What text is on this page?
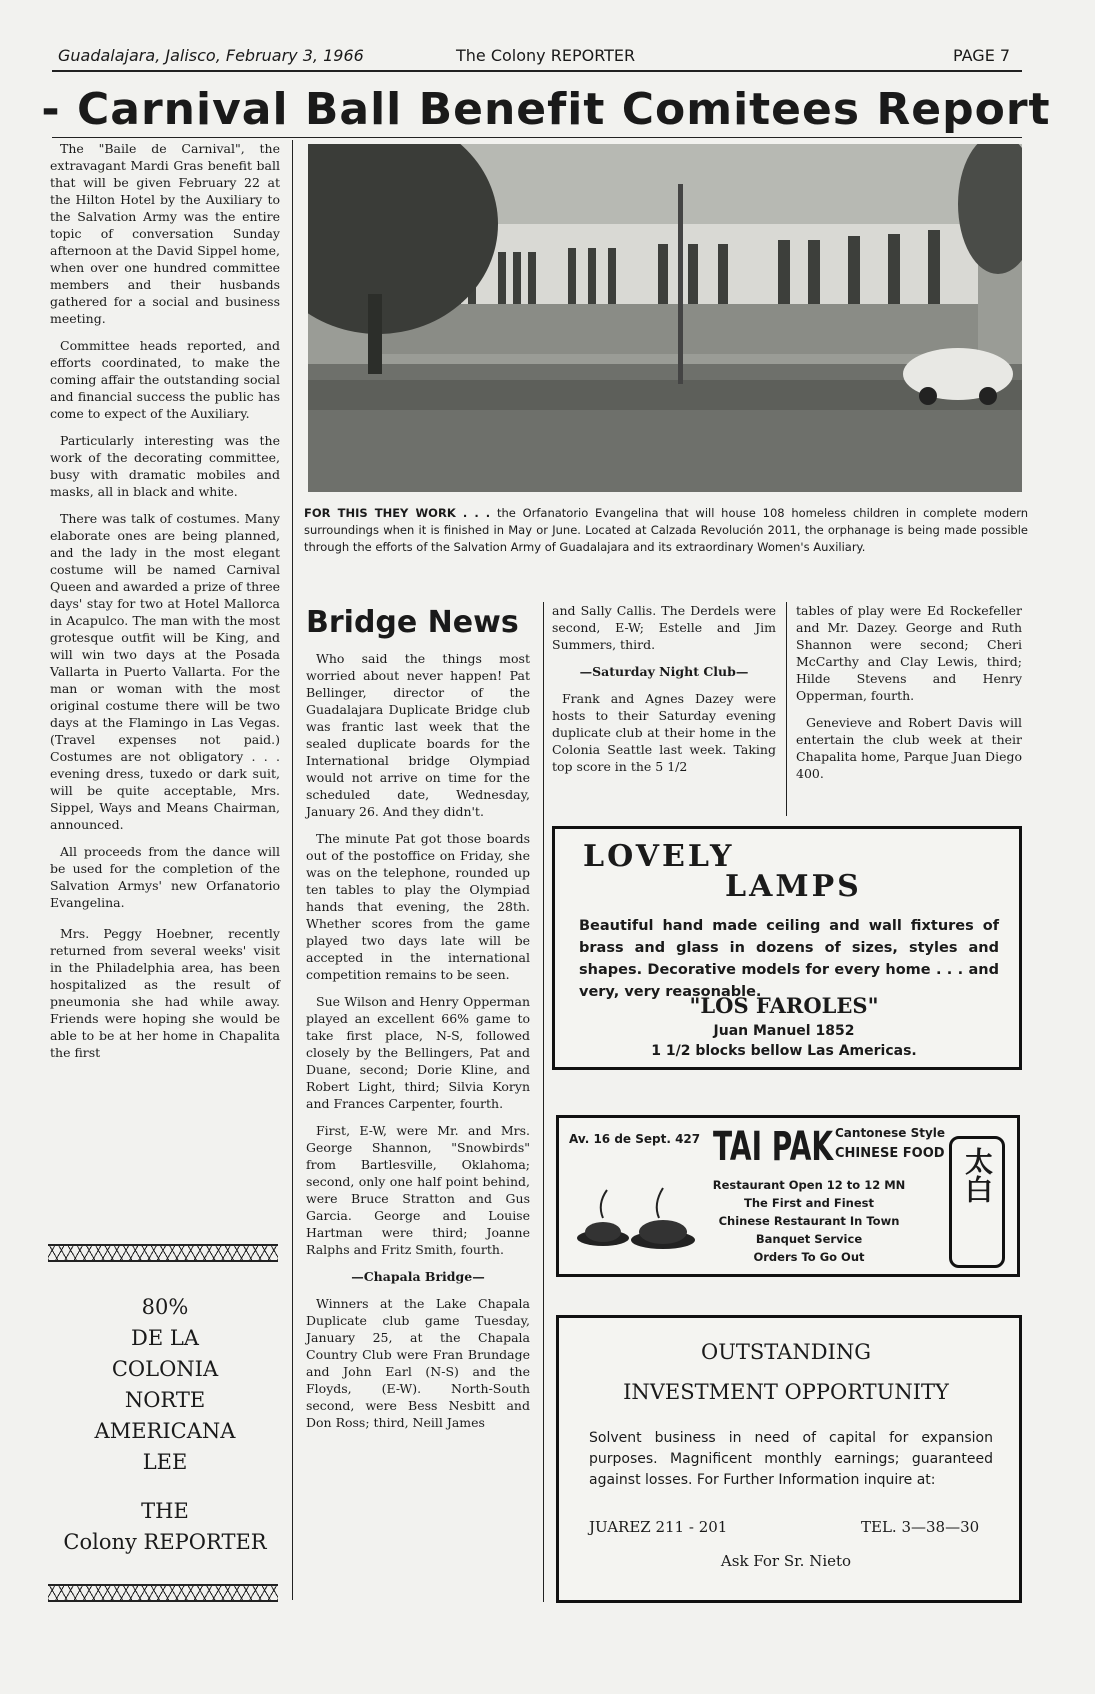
Guadalajara, Jalisco, February 3, 1966	The Colony REPORTER	PAGE 7
- Carnival Ball Benefit Comitees Report

The "Baile de Carnival", the extravagant Mardi Gras benefit ball that will be given February 22 at the Hilton Hotel by the Auxiliary to the Salvation Army was the entire topic of conversation Sunday afternoon at the David Sippel home, when over one hundred committee members and their husbands gathered for a social and business meeting.

Committee heads reported, and efforts coordinated, to make the coming affair the outstanding social and financial success the public has come to expect of the Auxiliary.

Particularly interesting was the work of the decorating committee, busy with dramatic mobiles and masks, all in black and white.

There was talk of costumes. Many elaborate ones are being planned, and the lady in the most elegant costume will be named Carnival Queen and awarded a prize of three days' stay for two at Hotel Mallorca in Acapulco. The man with the most grotesque outfit will be King, and will win two days at the Posada Vallarta in Puerto Vallarta. For the man or woman with the most original costume there will be two days at the Flamingo in Las Vegas. (Travel expenses not paid.) Costumes are not obligatory . . . evening dress, tuxedo or dark suit, will be quite acceptable, Mrs. Sippel, Ways and Means Chairman, announced.

All proceeds from the dance will be used for the completion of the Salvation Armys' new Orfanatorio Evangelina.

Mrs. Peggy Hoebner, recently returned from several weeks' visit in the Philadelphia area, has been hospitalized as the result of pneumonia she had while away. Friends were hoping she would be able to be at her home in Chapalita the first

80%
DE LA
COLONIA
NORTE
AMERICANA
LEE
THE
Colony REPORTER
FOR THIS THEY WORK . . . the Orfanatorio Evangelina that will house 108 homeless children in complete modern surroundings when it is finished in May or June. Located at Calzada Revolución 2011, the orphanage is being made possible through the efforts of the Salvation Army of Guadalajara and its extraordinary Women's Auxiliary.
Bridge News

Who said the things most worried about never happen! Pat Bellinger, director of the Guadalajara Duplicate Bridge club was frantic last week that the sealed duplicate boards for the International bridge Olympiad would not arrive on time for the scheduled date, Wednesday, January 26. And they didn't.

The minute Pat got those boards out of the postoffice on Friday, she was on the telephone, rounded up ten tables to play the Olympiad hands that evening, the 28th. Whether scores from the game played two days late will be accepted in the international competition remains to be seen.

Sue Wilson and Henry Opperman played an excellent 66% game to take first place, N-S, followed closely by the Bellingers, Pat and Duane, second; Dorie Kline, and Robert Light, third; Silvia Koryn and Frances Carpenter, fourth.

First, E-W, were Mr. and Mrs. George Shannon, "Snowbirds" from Bartlesville, Oklahoma; second, only one half point behind, were Bruce Stratton and Gus Garcia. George and Louise Hartman were third; Joanne Ralphs and Fritz Smith, fourth.

—Chapala Bridge—

Winners at the Lake Chapala Duplicate club game Tuesday, January 25, at the Chapala Country Club were Fran Brundage and John Earl (N-S) and the Floyds, (E-W). North-South second, were Bess Nesbitt and Don Ross; third, Neill James

and Sally Callis. The Derdels were second, E-W; Estelle and Jim Summers, third.

—Saturday Night Club—

Frank and Agnes Dazey were hosts to their Saturday evening duplicate club at their home in the Colonia Seattle last week. Taking top score in the 5 1/2

tables of play were Ed Rockefeller and Mr. Dazey. George and Ruth Shannon were second; Cheri McCarthy and Clay Lewis, third; Hilde Stevens and Henry Opperman, fourth.

Genevieve and Robert Davis will entertain the club week at their Chapalita home, Parque Juan Diego 400.

LOVELY
LAMPS
Beautiful hand made ceiling and wall fixtures of brass and glass in dozens of sizes, styles and shapes. Decorative models for every home . . . and very, very reasonable.
"LOS FAROLES"
Juan Manuel 1852
1 1/2 blocks bellow Las Americas.
Av. 16 de Sept. 427 TAI PAK Cantonese Style
CHINESE FOOD
Restaurant Open 12 to 12 MN
The First and Finest
Chinese Restaurant In Town
Banquet Service
Orders To Go Out
太白
OUTSTANDING
INVESTMENT OPPORTUNITY
Solvent business in need of capital for expansion purposes. Magnificent monthly earnings; guaranteed against losses. For Further Information inquire at:
JUAREZ 211 - 201	TEL. 3—38—30
Ask For Sr. Nieto
